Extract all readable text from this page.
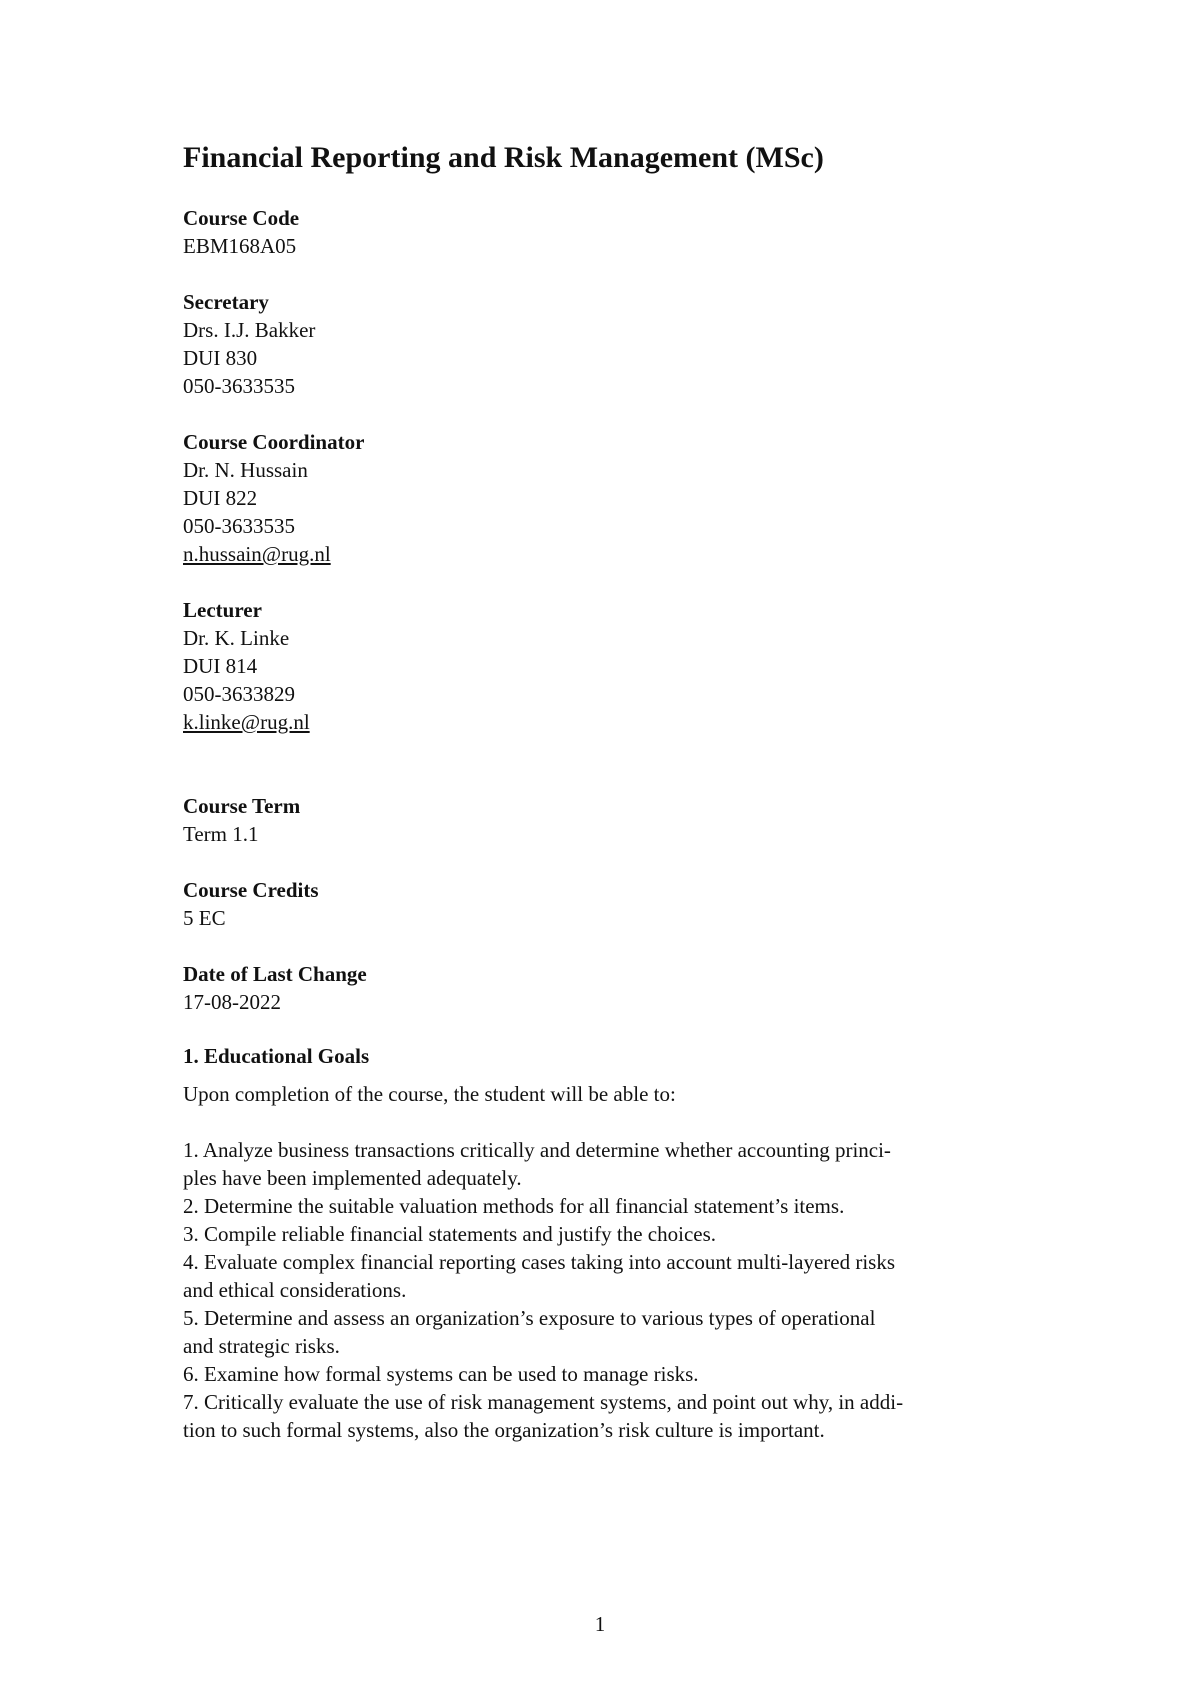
Financial Reporting and Risk Management (MSc)
Course Code
EBM168A05
Secretary
Drs. I.J. Bakker
DUI 830
050-3633535
Course Coordinator
Dr. N. Hussain
DUI 822
050-3633535
n.hussain@rug.nl
Lecturer
Dr. K. Linke
DUI 814
050-3633829
k.linke@rug.nl
Course Term
Term 1.1
Course Credits
5 EC
Date of Last Change
17-08-2022
1. Educational Goals
Upon completion of the course, the student will be able to:
1. Analyze business transactions critically and determine whether accounting princi-
ples have been implemented adequately.
2. Determine the suitable valuation methods for all financial statement’s items.
3. Compile reliable financial statements and justify the choices.
4. Evaluate complex financial reporting cases taking into account multi-layered risks
and ethical considerations.
5. Determine and assess an organization’s exposure to various types of operational
and strategic risks.
6. Examine how formal systems can be used to manage risks.
7. Critically evaluate the use of risk management systems, and point out why, in addi-
tion to such formal systems, also the organization’s risk culture is important.
1
